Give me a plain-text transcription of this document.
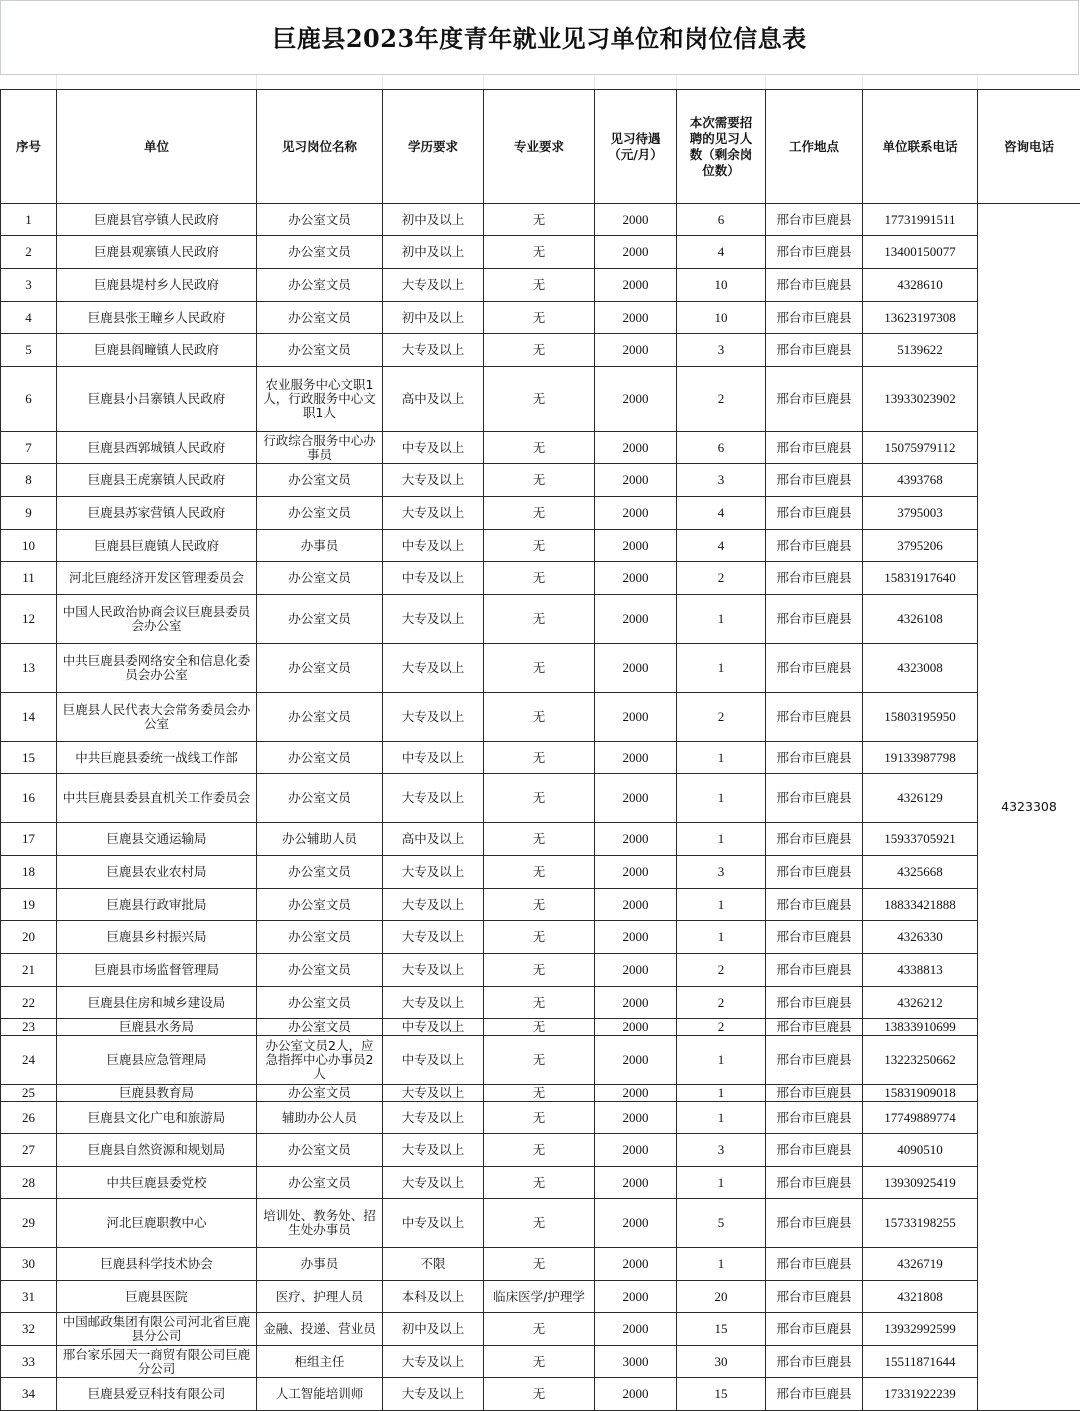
巨鹿县2023年度青年就业见习单位和岗位信息表
序号	单位	见习岗位名称	学历要求	专业要求	见习待遇（元/月）	本次需要招聘的见习人数（剩余岗位数）	工作地点	单位联系电话	咨询电话
1	巨鹿县官亭镇人民政府	办公室文员	初中及以上	无	2000	6	邢台市巨鹿县	17731991511	4323308
2	巨鹿县观寨镇人民政府	办公室文员	初中及以上	无	2000	4	邢台市巨鹿县	13400150077	
3	巨鹿县堤村乡人民政府	办公室文员	大专及以上	无	2000	10	邢台市巨鹿县	4328610	
4	巨鹿县张王疃乡人民政府	办公室文员	初中及以上	无	2000	10	邢台市巨鹿县	13623197308	
5	巨鹿县阎疃镇人民政府	办公室文员	大专及以上	无	2000	3	邢台市巨鹿县	5139622	
6	巨鹿县小吕寨镇人民政府	农业服务中心文职1人，行政服务中心文职1人	高中及以上	无	2000	2	邢台市巨鹿县	13933023902	
7	巨鹿县西郭城镇人民政府	行政综合服务中心办事员	中专及以上	无	2000	6	邢台市巨鹿县	15075979112	
8	巨鹿县王虎寨镇人民政府	办公室文员	大专及以上	无	2000	3	邢台市巨鹿县	4393768	
9	巨鹿县苏家营镇人民政府	办公室文员	大专及以上	无	2000	4	邢台市巨鹿县	3795003	
10	巨鹿县巨鹿镇人民政府	办事员	中专及以上	无	2000	4	邢台市巨鹿县	3795206	
11	河北巨鹿经济开发区管理委员会	办公室文员	中专及以上	无	2000	2	邢台市巨鹿县	15831917640	
12	中国人民政治协商会议巨鹿县委员会办公室	办公室文员	大专及以上	无	2000	1	邢台市巨鹿县	4326108	
13	中共巨鹿县委网络安全和信息化委员会办公室	办公室文员	大专及以上	无	2000	1	邢台市巨鹿县	4323008	
14	巨鹿县人民代表大会常务委员会办公室	办公室文员	大专及以上	无	2000	2	邢台市巨鹿县	15803195950	
15	中共巨鹿县委统一战线工作部	办公室文员	中专及以上	无	2000	1	邢台市巨鹿县	19133987798	
16	中共巨鹿县委县直机关工作委员会	办公室文员	大专及以上	无	2000	1	邢台市巨鹿县	4326129	
17	巨鹿县交通运输局	办公辅助人员	高中及以上	无	2000	1	邢台市巨鹿县	15933705921	
18	巨鹿县农业农村局	办公室文员	大专及以上	无	2000	3	邢台市巨鹿县	4325668	
19	巨鹿县行政审批局	办公室文员	大专及以上	无	2000	1	邢台市巨鹿县	18833421888	
20	巨鹿县乡村振兴局	办公室文员	大专及以上	无	2000	1	邢台市巨鹿县	4326330	
21	巨鹿县市场监督管理局	办公室文员	大专及以上	无	2000	2	邢台市巨鹿县	4338813	
22	巨鹿县住房和城乡建设局	办公室文员	大专及以上	无	2000	2	邢台市巨鹿县	4326212	
23	巨鹿县水务局	办公室文员	中专及以上	无	2000	2	邢台市巨鹿县	13833910699	
24	巨鹿县应急管理局	办公室文员2人，应急指挥中心办事员2人	中专及以上	无	2000	1	邢台市巨鹿县	13223250662	
25	巨鹿县教育局	办公室文员	大专及以上	无	2000	1	邢台市巨鹿县	15831909018	
26	巨鹿县文化广电和旅游局	辅助办公人员	大专及以上	无	2000	1	邢台市巨鹿县	17749889774	
27	巨鹿县自然资源和规划局	办公室文员	大专及以上	无	2000	3	邢台市巨鹿县	4090510	
28	中共巨鹿县委党校	办公室文员	大专及以上	无	2000	1	邢台市巨鹿县	13930925419	
29	河北巨鹿职教中心	培训处、教务处、招生处办事员	中专及以上	无	2000	5	邢台市巨鹿县	15733198255	
30	巨鹿县科学技术协会	办事员	不限	无	2000	1	邢台市巨鹿县	4326719	
31	巨鹿县医院	医疗、护理人员	本科及以上	临床医学/护理学	2000	20	邢台市巨鹿县	4321808	
32	中国邮政集团有限公司河北省巨鹿县分公司	金融、投递、营业员	初中及以上	无	2000	15	邢台市巨鹿县	13932992599	
33	邢台家乐园天一商贸有限公司巨鹿分公司	柜组主任	大专及以上	无	3000	30	邢台市巨鹿县	15511871644	
34	巨鹿县爱豆科技有限公司	人工智能培训师	大专及以上	无	2000	15	邢台市巨鹿县	17331922239	
